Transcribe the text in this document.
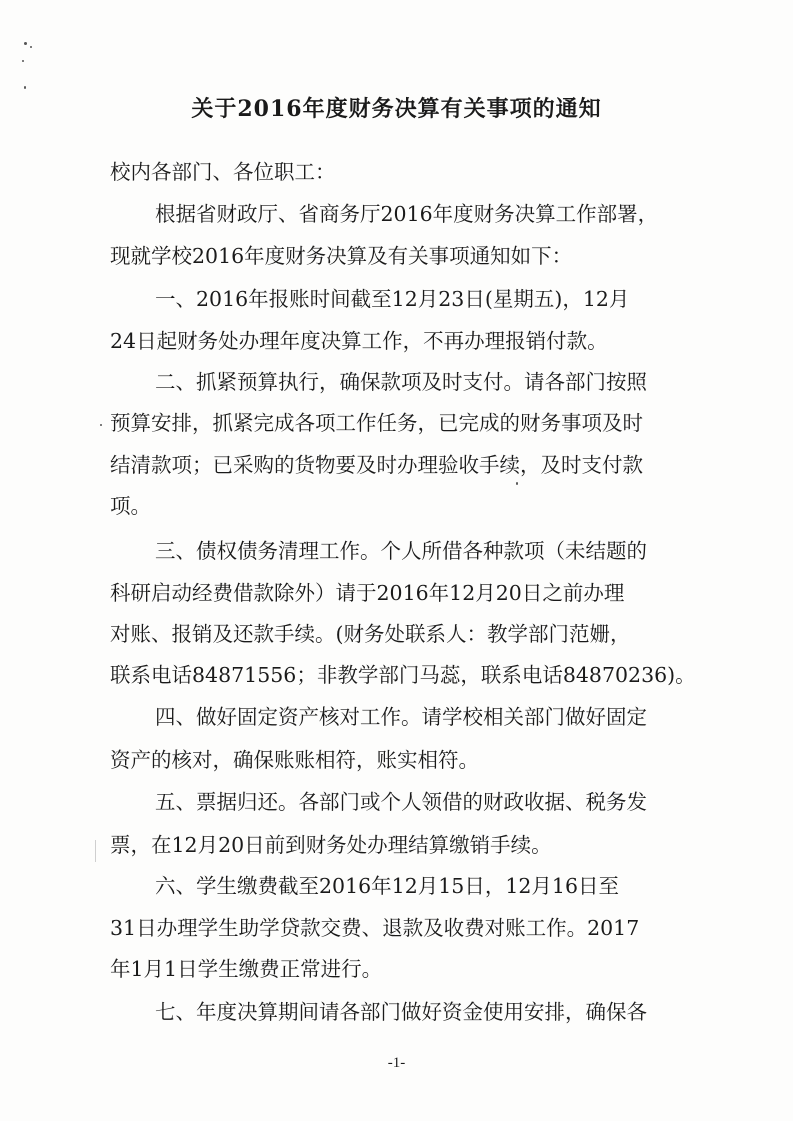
关于2016年度财务决算有关事项的通知
校内各部门、各位职工：
根据省财政厅、省商务厅2016年度财务决算工作部署，
现就学校2016年度财务决算及有关事项通知如下：
一、2016年报账时间截至12月23日(星期五)，12月
24日起财务处办理年度决算工作，不再办理报销付款。
二、抓紧预算执行，确保款项及时支付。请各部门按照
预算安排，抓紧完成各项工作任务，已完成的财务事项及时
结清款项；已采购的货物要及时办理验收手续，及时支付款
项。
三、债权债务清理工作。个人所借各种款项（未结题的
科研启动经费借款除外）请于2016年12月20日之前办理
对账、报销及还款手续。(财务处联系人：教学部门范姗，
联系电话84871556；非教学部门马蕊，联系电话84870236)。
四、做好固定资产核对工作。请学校相关部门做好固定
资产的核对，确保账账相符，账实相符。
五、票据归还。各部门或个人领借的财政收据、税务发
票，在12月20日前到财务处办理结算缴销手续。
六、学生缴费截至2016年12月15日，12月16日至
31日办理学生助学贷款交费、退款及收费对账工作。2017
年1月1日学生缴费正常进行。
七、年度决算期间请各部门做好资金使用安排，确保各
-1-
